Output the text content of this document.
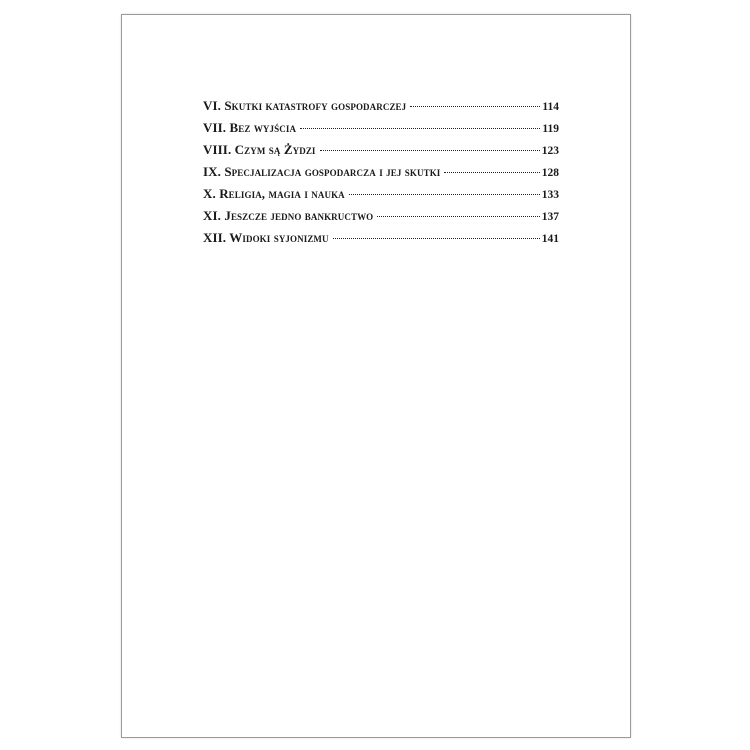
VI. Skutki katastrofy gospodarczej	114
VII. Bez wyjścia	119
VIII. Czym są Żydzi	123
IX. Specjalizacja gospodarcza i jej skutki	128
X. Religia, magia i nauka	133
XI. Jeszcze jedno bankructwo	137
XII. Widoki syjonizmu	141
